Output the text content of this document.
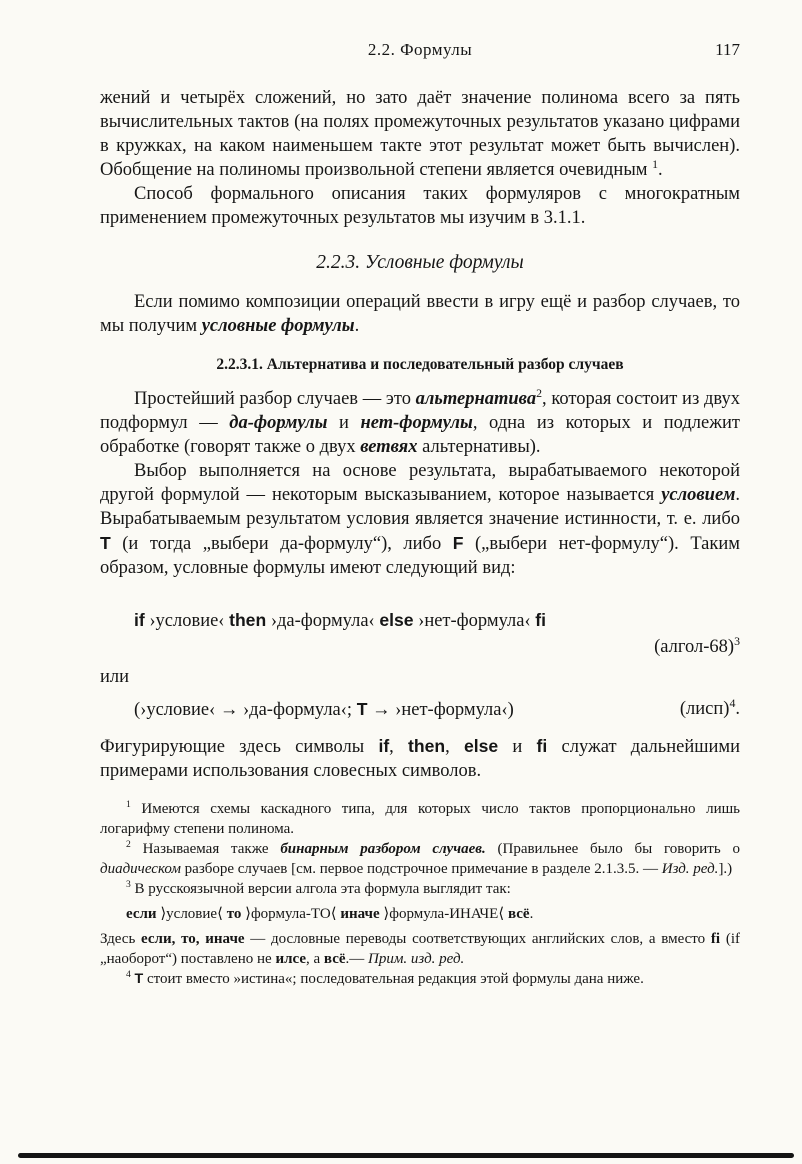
2.2. Формулы	117
жений и четырёх сложений, но зато даёт значение полинома всего за пять вычислительных тактов (на полях промежуточных результатов указано цифрами в кружках, на каком наименьшем такте этот результат может быть вычислен). Обобщение на полиномы произвольной степени является очевидным $^1$.
Способ формального описания таких формуляров с многократным применением промежуточных результатов мы изучим в 3.1.1.
2.2.3. Условные формулы
Если помимо композиции операций ввести в игру ещё и разбор случаев, то мы получим условные формулы.
2.2.3.1. Альтернатива и последовательный разбор случаев
Простейший разбор случаев — это альтернатива$^2$, которая состоит из двух подформул — да-формулы и нет-формулы, одна из которых и подлежит обработке (говорят также о двух ветвях альтернативы).
Выбор выполняется на основе результата, вырабатываемого некоторой другой формулой — некоторым высказыванием, которое называется условием. Вырабатываемым результатом условия является значение истинности, т. е. либо T (и тогда „выбери да-формулу“), либо F („выбери нет-формулу“). Таким образом, условные формулы имеют следующий вид:
if ›условие‹ then ›да-формула‹ else ›нет-формула‹ fi
(алгол-68)$^3$
или
(›условие‹ → ›да-формула‹; T → ›нет-формула‹)	(лисп)$^4$.
Фигурирующие здесь символы if, then, else и fi служат дальнейшими примерами использования словесных символов.
$^1$ Имеются схемы каскадного типа, для которых число тактов пропорционально лишь логарифму степени полинома.
$^2$ Называемая также бинарным разбором случаев. (Правильнее было бы говорить о диадическом разборе случаев [см. первое подстрочное примечание в разделе 2.1.3.5. — Изд. ред.].)
$^3$ В русскоязычной версии алгола эта формула выглядит так:
если ⟩условие⟨ то ⟩формула-ТО⟨ иначе ⟩формула-ИНАЧЕ⟨ всё.
Здесь если, то, иначе — дословные переводы соответствующих английских слов, а вместо fi (if „наоборот“) поставлено не илсе, а всё.— Прим. изд. ред.
$^4$ T стоит вместо »истина«; последовательная редакция этой формулы дана ниже.
